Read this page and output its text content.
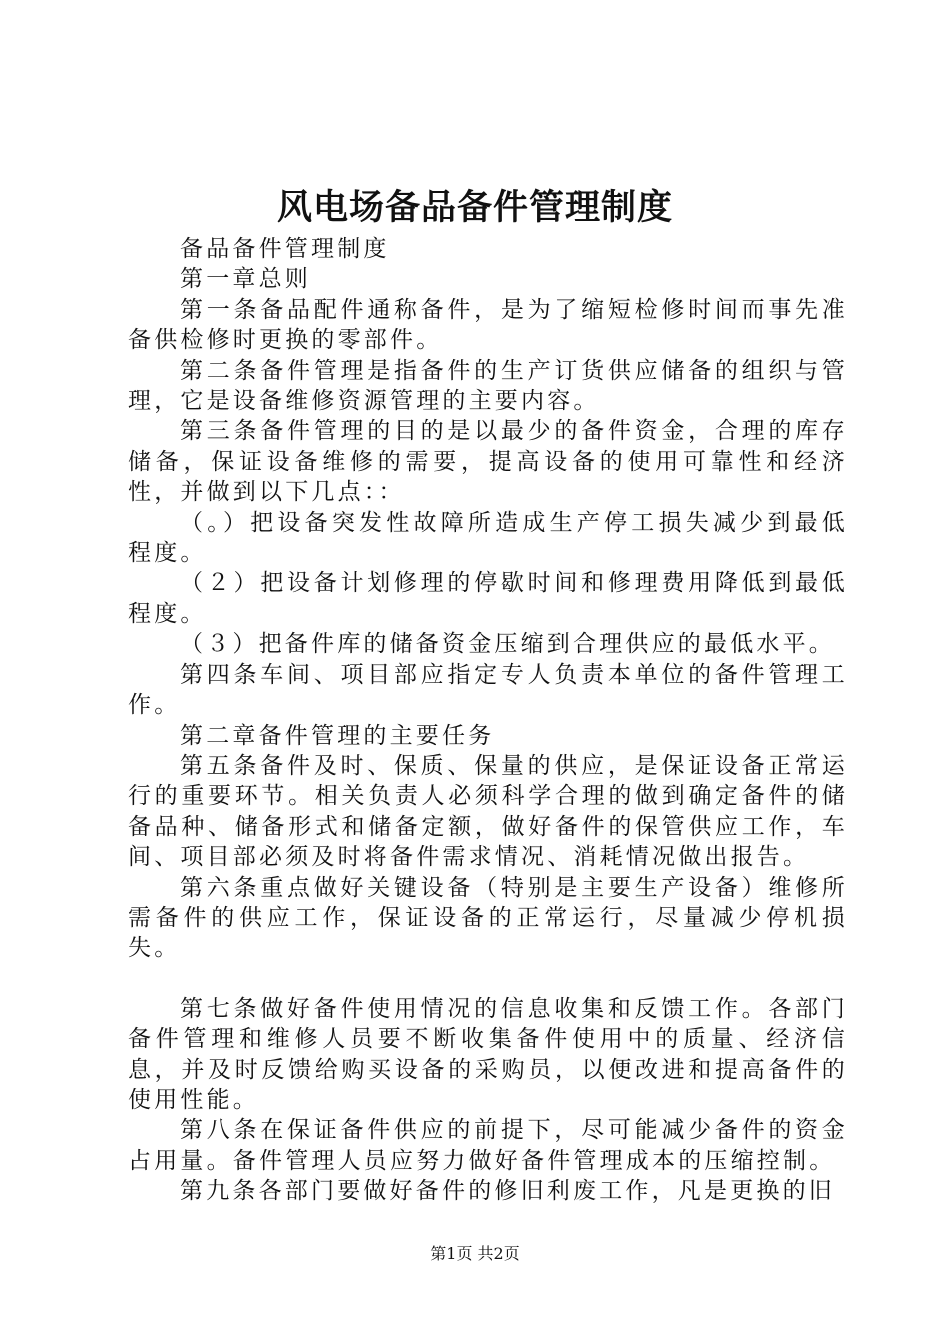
风电场备品备件管理制度

备品备件管理制度

第一章总则

第一条备品配件通称备件，是为了缩短检修时间而事先准备供检修时更换的零部件。

第二条备件管理是指备件的生产订货供应储备的组织与管理，它是设备维修资源管理的主要内容。

第三条备件管理的目的是以最少的备件资金，合理的库存储备，保证设备维修的需要，提高设备的使用可靠性和经济性，并做到以下几点：：

（。）把设备突发性故障所造成生产停工损失减少到最低程度。

（２）把设备计划修理的停歇时间和修理费用降低到最低程度。

（３）把备件库的储备资金压缩到合理供应的最低水平。

第四条车间、项目部应指定专人负责本单位的备件管理工作。

第二章备件管理的主要任务

第五条备件及时、保质、保量的供应，是保证设备正常运行的重要环节。相关负责人必须科学合理的做到确定备件的储备品种、储备形式和储备定额，做好备件的保管供应工作，车间、项目部必须及时将备件需求情况、消耗情况做出报告。

第六条重点做好关键设备（特别是主要生产设备）维修所需备件的供应工作，保证设备的正常运行，尽量减少停机损失。

第七条做好备件使用情况的信息收集和反馈工作。各部门备件管理和维修人员要不断收集备件使用中的质量、经济信息，并及时反馈给购买设备的采购员，以便改进和提高备件的使用性能。

第八条在保证备件供应的前提下，尽可能减少备件的资金占用量。备件管理人员应努力做好备件管理成本的压缩控制。

第九条各部门要做好备件的修旧利废工作，凡是更换的旧

第1页 共2页
